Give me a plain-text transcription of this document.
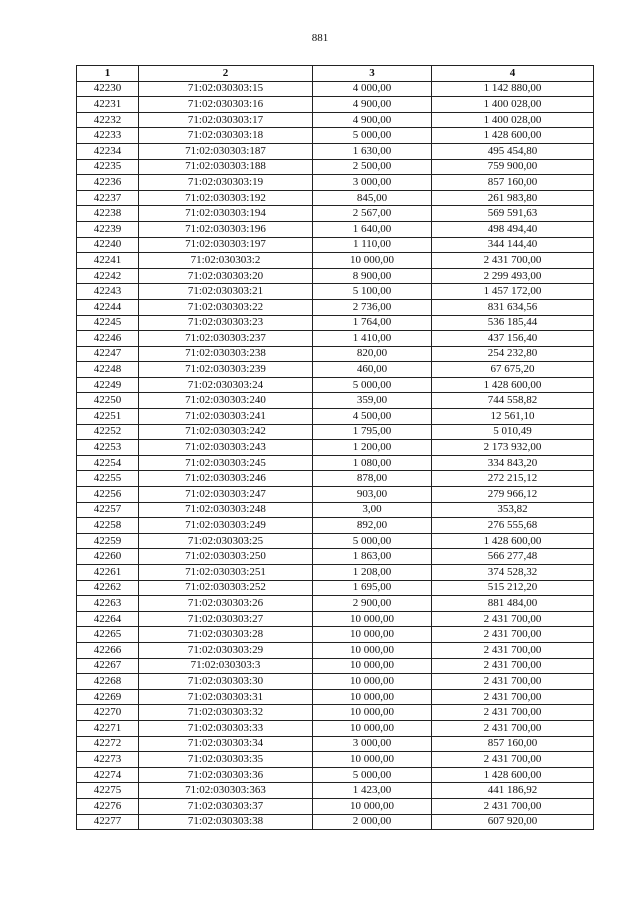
881
1	2	3	4
42230	71:02:030303:15	4 000,00	1 142 880,00
42231	71:02:030303:16	4 900,00	1 400 028,00
42232	71:02:030303:17	4 900,00	1 400 028,00
42233	71:02:030303:18	5 000,00	1 428 600,00
42234	71:02:030303:187	1 630,00	495 454,80
42235	71:02:030303:188	2 500,00	759 900,00
42236	71:02:030303:19	3 000,00	857 160,00
42237	71:02:030303:192	845,00	261 983,80
42238	71:02:030303:194	2 567,00	569 591,63
42239	71:02:030303:196	1 640,00	498 494,40
42240	71:02:030303:197	1 110,00	344 144,40
42241	71:02:030303:2	10 000,00	2 431 700,00
42242	71:02:030303:20	8 900,00	2 299 493,00
42243	71:02:030303:21	5 100,00	1 457 172,00
42244	71:02:030303:22	2 736,00	831 634,56
42245	71:02:030303:23	1 764,00	536 185,44
42246	71:02:030303:237	1 410,00	437 156,40
42247	71:02:030303:238	820,00	254 232,80
42248	71:02:030303:239	460,00	67 675,20
42249	71:02:030303:24	5 000,00	1 428 600,00
42250	71:02:030303:240	359,00	744 558,82
42251	71:02:030303:241	4 500,00	12 561,10
42252	71:02:030303:242	1 795,00	5 010,49
42253	71:02:030303:243	1 200,00	2 173 932,00
42254	71:02:030303:245	1 080,00	334 843,20
42255	71:02:030303:246	878,00	272 215,12
42256	71:02:030303:247	903,00	279 966,12
42257	71:02:030303:248	3,00	353,82
42258	71:02:030303:249	892,00	276 555,68
42259	71:02:030303:25	5 000,00	1 428 600,00
42260	71:02:030303:250	1 863,00	566 277,48
42261	71:02:030303:251	1 208,00	374 528,32
42262	71:02:030303:252	1 695,00	515 212,20
42263	71:02:030303:26	2 900,00	881 484,00
42264	71:02:030303:27	10 000,00	2 431 700,00
42265	71:02:030303:28	10 000,00	2 431 700,00
42266	71:02:030303:29	10 000,00	2 431 700,00
42267	71:02:030303:3	10 000,00	2 431 700,00
42268	71:02:030303:30	10 000,00	2 431 700,00
42269	71:02:030303:31	10 000,00	2 431 700,00
42270	71:02:030303:32	10 000,00	2 431 700,00
42271	71:02:030303:33	10 000,00	2 431 700,00
42272	71:02:030303:34	3 000,00	857 160,00
42273	71:02:030303:35	10 000,00	2 431 700,00
42274	71:02:030303:36	5 000,00	1 428 600,00
42275	71:02:030303:363	1 423,00	441 186,92
42276	71:02:030303:37	10 000,00	2 431 700,00
42277	71:02:030303:38	2 000,00	607 920,00
